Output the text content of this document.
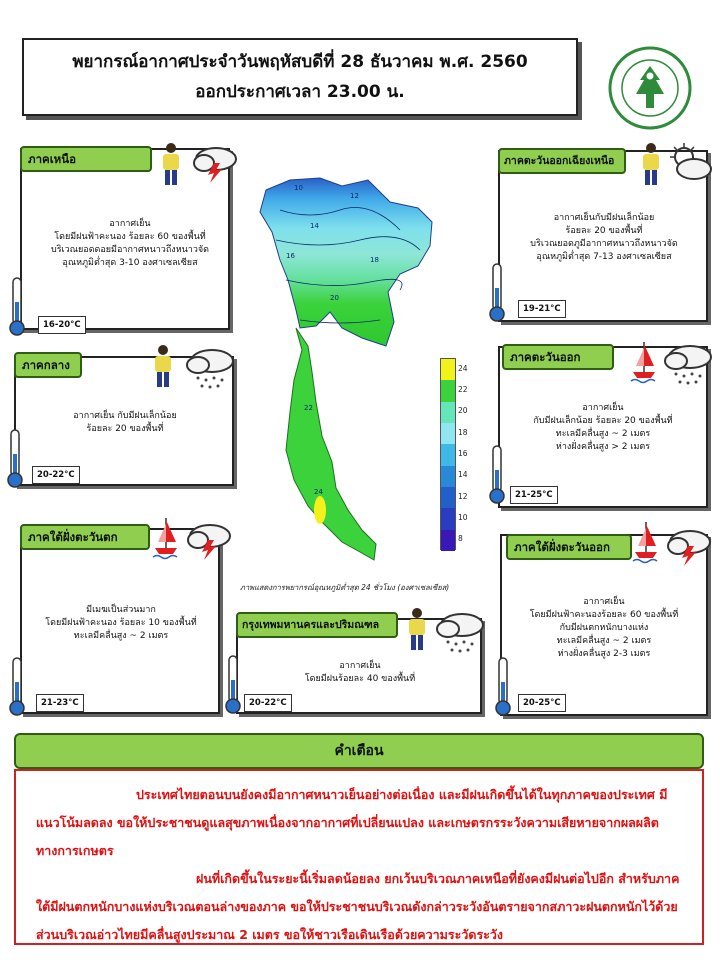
พยากรณ์อากาศประจำวันพฤหัสบดีที่ 28 ธันวาคม พ.ศ. 2560
ออกประกาศเวลา 23.00 น.
ภาคเหนือ
อากาศเย็น
โดยมีฝนฟ้าคะนอง ร้อยละ 60 ของพื้นที่
บริเวณยอดดอยมีอากาศหนาวถึงหนาวจัด
อุณหภูมิต่ำสุด 3-10 องศาเซลเซียส
16-20°C
ภาคตะวันออกเฉียงเหนือ
อากาศเย็นกับมีฝนเล็กน้อย
ร้อยละ 20 ของพื้นที่
บริเวณยอดภูมีอากาศหนาวถึงหนาวจัด
อุณหภูมิต่ำสุด 7-13 องศาเซลเซียส
19-21°C
ภาคกลาง
อากาศเย็น กับมีฝนเล็กน้อย
ร้อยละ 20 ของพื้นที่
20-22°C
ภาคตะวันออก
อากาศเย็น
กับมีฝนเล็กน้อย ร้อยละ 20 ของพื้นที่
ทะเลมีคลื่นสูง ~ 2 เมตร
ห่างฝั่งคลื่นสูง > 2 เมตร
21-25°C
ภาคใต้ฝั่งตะวันตก
มีเมฆเป็นส่วนมาก
โดยมีฝนฟ้าคะนอง ร้อยละ 10 ของพื้นที่
ทะเลมีคลื่นสูง ~ 2 เมตร
21-23°C
กรุงเทพมหานครและปริมณฑล
อากาศเย็น
โดยมีฝนร้อยละ 40 ของพื้นที่
20-22°C
ภาคใต้ฝั่งตะวันออก
อากาศเย็น
โดยมีฝนฟ้าคะนองร้อยละ 60 ของพื้นที่
กับมีฝนตกหนักบางแห่ง
ทะเลมีคลื่นสูง ~ 2 เมตร
ห่างฝั่งคลื่นสูง 2-3 เมตร
20-25°C
10
12
14
16	18
20
22
24
24
22
20
18
16
14
12
10
8
ภาพแสดงการพยากรณ์อุณหภูมิต่ำสุด 24 ชั่วโมง (องศาเซลเซียส)
คำเตือน

ประเทศไทยตอนบนยังคงมีอากาศหนาวเย็นอย่างต่อเนื่อง และมีฝนเกิดขึ้นได้ในทุกภาคของประเทศ มีแนวโน้มลดลง ขอให้ประชาชนดูแลสุขภาพเนื่องจากอากาศที่เปลี่ยนแปลง และเกษตรกรระวังความเสียหายจากผลผลิตทางการเกษตร

ฝนที่เกิดขึ้นในระยะนี้เริ่มลดน้อยลง ยกเว้นบริเวณภาคเหนือที่ยังคงมีฝนต่อไปอีก สำหรับภาคใต้มีฝนตกหนักบางแห่งบริเวณตอนล่างของภาค ขอให้ประชาชนบริเวณดังกล่าวระวังอันตรายจากสภาวะฝนตกหนักไว้ด้วย ส่วนบริเวณอ่าวไทยมีคลื่นสูงประมาณ 2 เมตร ขอให้ชาวเรือเดินเรือด้วยความระวัดระวัง
